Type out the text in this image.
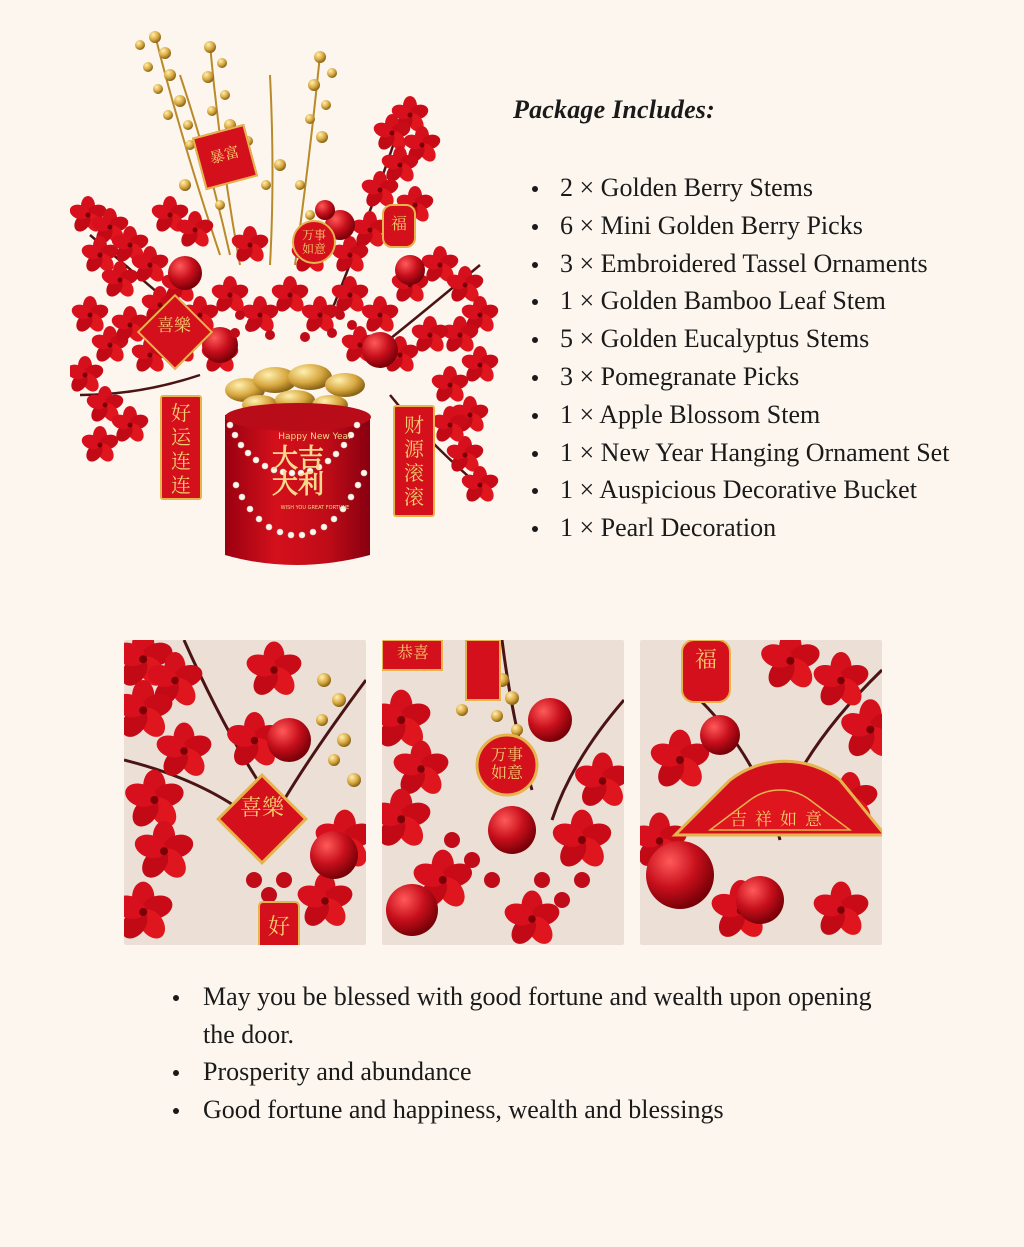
Happy New Year
大吉大利
WISH YOU GREAT FORTUNE
好运连连
财源滚滚
喜樂
万事如意
福
暴富
Package Includes:
2 × Golden Berry Stems
6 × Mini Golden Berry Picks
3 × Embroidered Tassel Ornaments
1 × Golden Bamboo Leaf Stem
5 × Golden Eucalyptus Stems
3 × Pomegranate Picks
1 × Apple Blossom Stem
1 × New Year Hanging Ornament Set
1 × Auspicious Decorative Bucket
1 × Pearl Decoration
喜樂
好
万事如意
恭喜	福
吉祥如意
May you be blessed with good fortune and wealth upon opening the door.
Prosperity and abundance
Good fortune and happiness, wealth and blessings
